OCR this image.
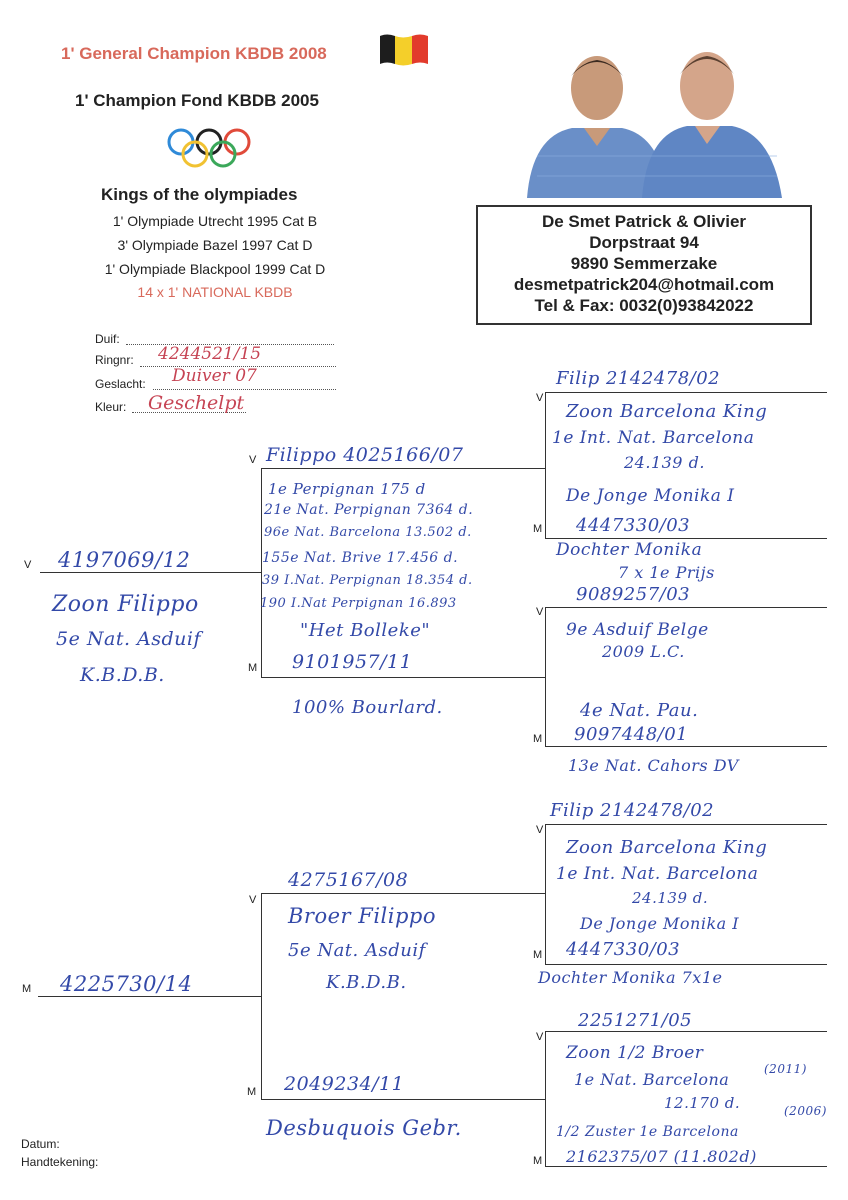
1' General Champion KBDB 2008
1' Champion Fond KBDB 2005
Kings of the olympiades
1' Olympiade Utrecht 1995 Cat B
3' Olympiade Bazel 1997 Cat D
1' Olympiade Blackpool 1999 Cat D
14 x 1' NATIONAL KBDB
De Smet Patrick & Olivier
Dorpstraat 94
9890 Semmerzake
desmetpatrick204@hotmail.com
Tel & Fax: 0032(0)93842022
Duif:
Ringnr: 4244521/15
Geslacht: Duiver 07
Kleur: Geschelpt
V
V
M
V
M
V
M
M
V
M
V
M
V
M
4197069/12
Zoon Filippo
5e Nat. Asduif
K.B.D.B.
Filippo 4025166/07
1e Perpignan 175 d
21e Nat. Perpignan 7364 d.
96e Nat. Barcelona 13.502 d.
155e Nat. Brive 17.456 d.
39 I.Nat. Perpignan 18.354 d.
190 I.Nat Perpignan 16.893
"Het Bolleke"
9101957/11
100% Bourlard.
Filip 2142478/02
Zoon Barcelona King
1e Int. Nat. Barcelona
24.139 d.
De Jonge Monika I
4447330/03
Dochter Monika
7 x 1e Prijs
9089257/03
9e Asduif Belge
2009 L.C.
4e Nat. Pau.
9097448/01
13e Nat. Cahors DV
4225730/14
4275167/08
Broer Filippo
5e Nat. Asduif
K.B.D.B.
2049234/11
Desbuquois Gebr.
Filip 2142478/02
Zoon Barcelona King
1e Int. Nat. Barcelona
24.139 d.
De Jonge Monika I
4447330/03
Dochter Monika 7x1e
2251271/05
Zoon 1/2 Broer
(2011)
1e Nat. Barcelona
12.170 d.	(2006)
1/2 Zuster 1e Barcelona
2162375/07 (11.802d)
Datum:
Handtekening:
